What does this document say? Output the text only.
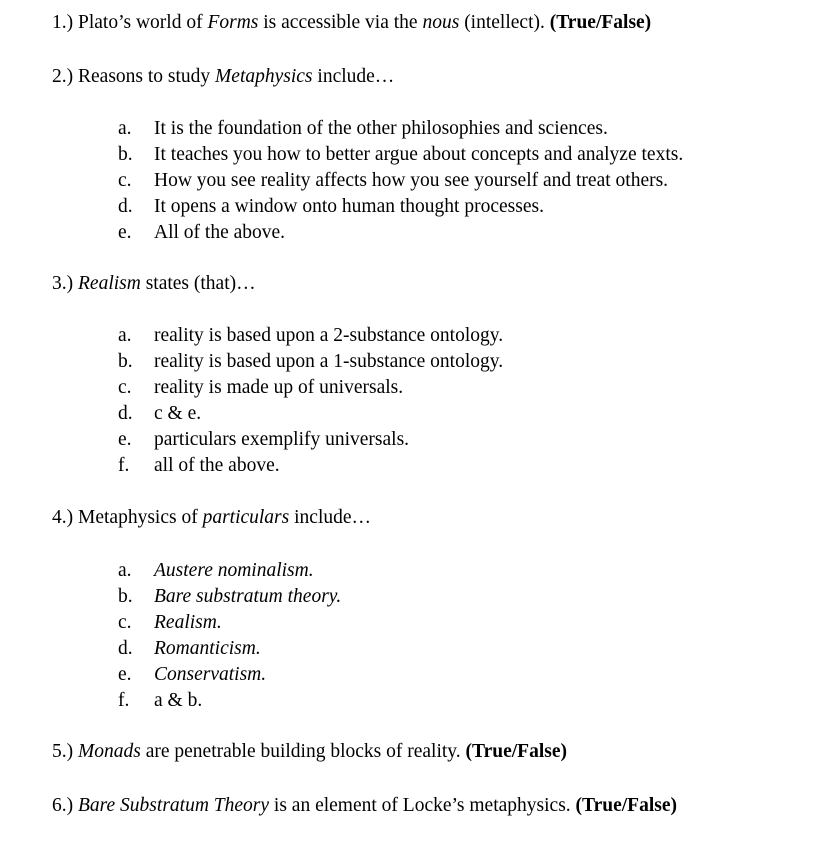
1.) Plato’s world of Forms is accessible via the nous (intellect). (True/False)
2.) Reasons to study Metaphysics include…
a. It is the foundation of the other philosophies and sciences.
b. It teaches you how to better argue about concepts and analyze texts.
c. How you see reality affects how you see yourself and treat others.
d. It opens a window onto human thought processes.
e. All of the above.
3.) Realism states (that)…
a. reality is based upon a 2-substance ontology.
b. reality is based upon a 1-substance ontology.
c. reality is made up of universals.
d. c & e.
e. particulars exemplify universals.
f. all of the above.
4.) Metaphysics of particulars include…
a. Austere nominalism.
b. Bare substratum theory.
c. Realism.
d. Romanticism.
e. Conservatism.
f. a & b.
5.) Monads are penetrable building blocks of reality. (True/False)
6.) Bare Substratum Theory is an element of Locke’s metaphysics. (True/False)
